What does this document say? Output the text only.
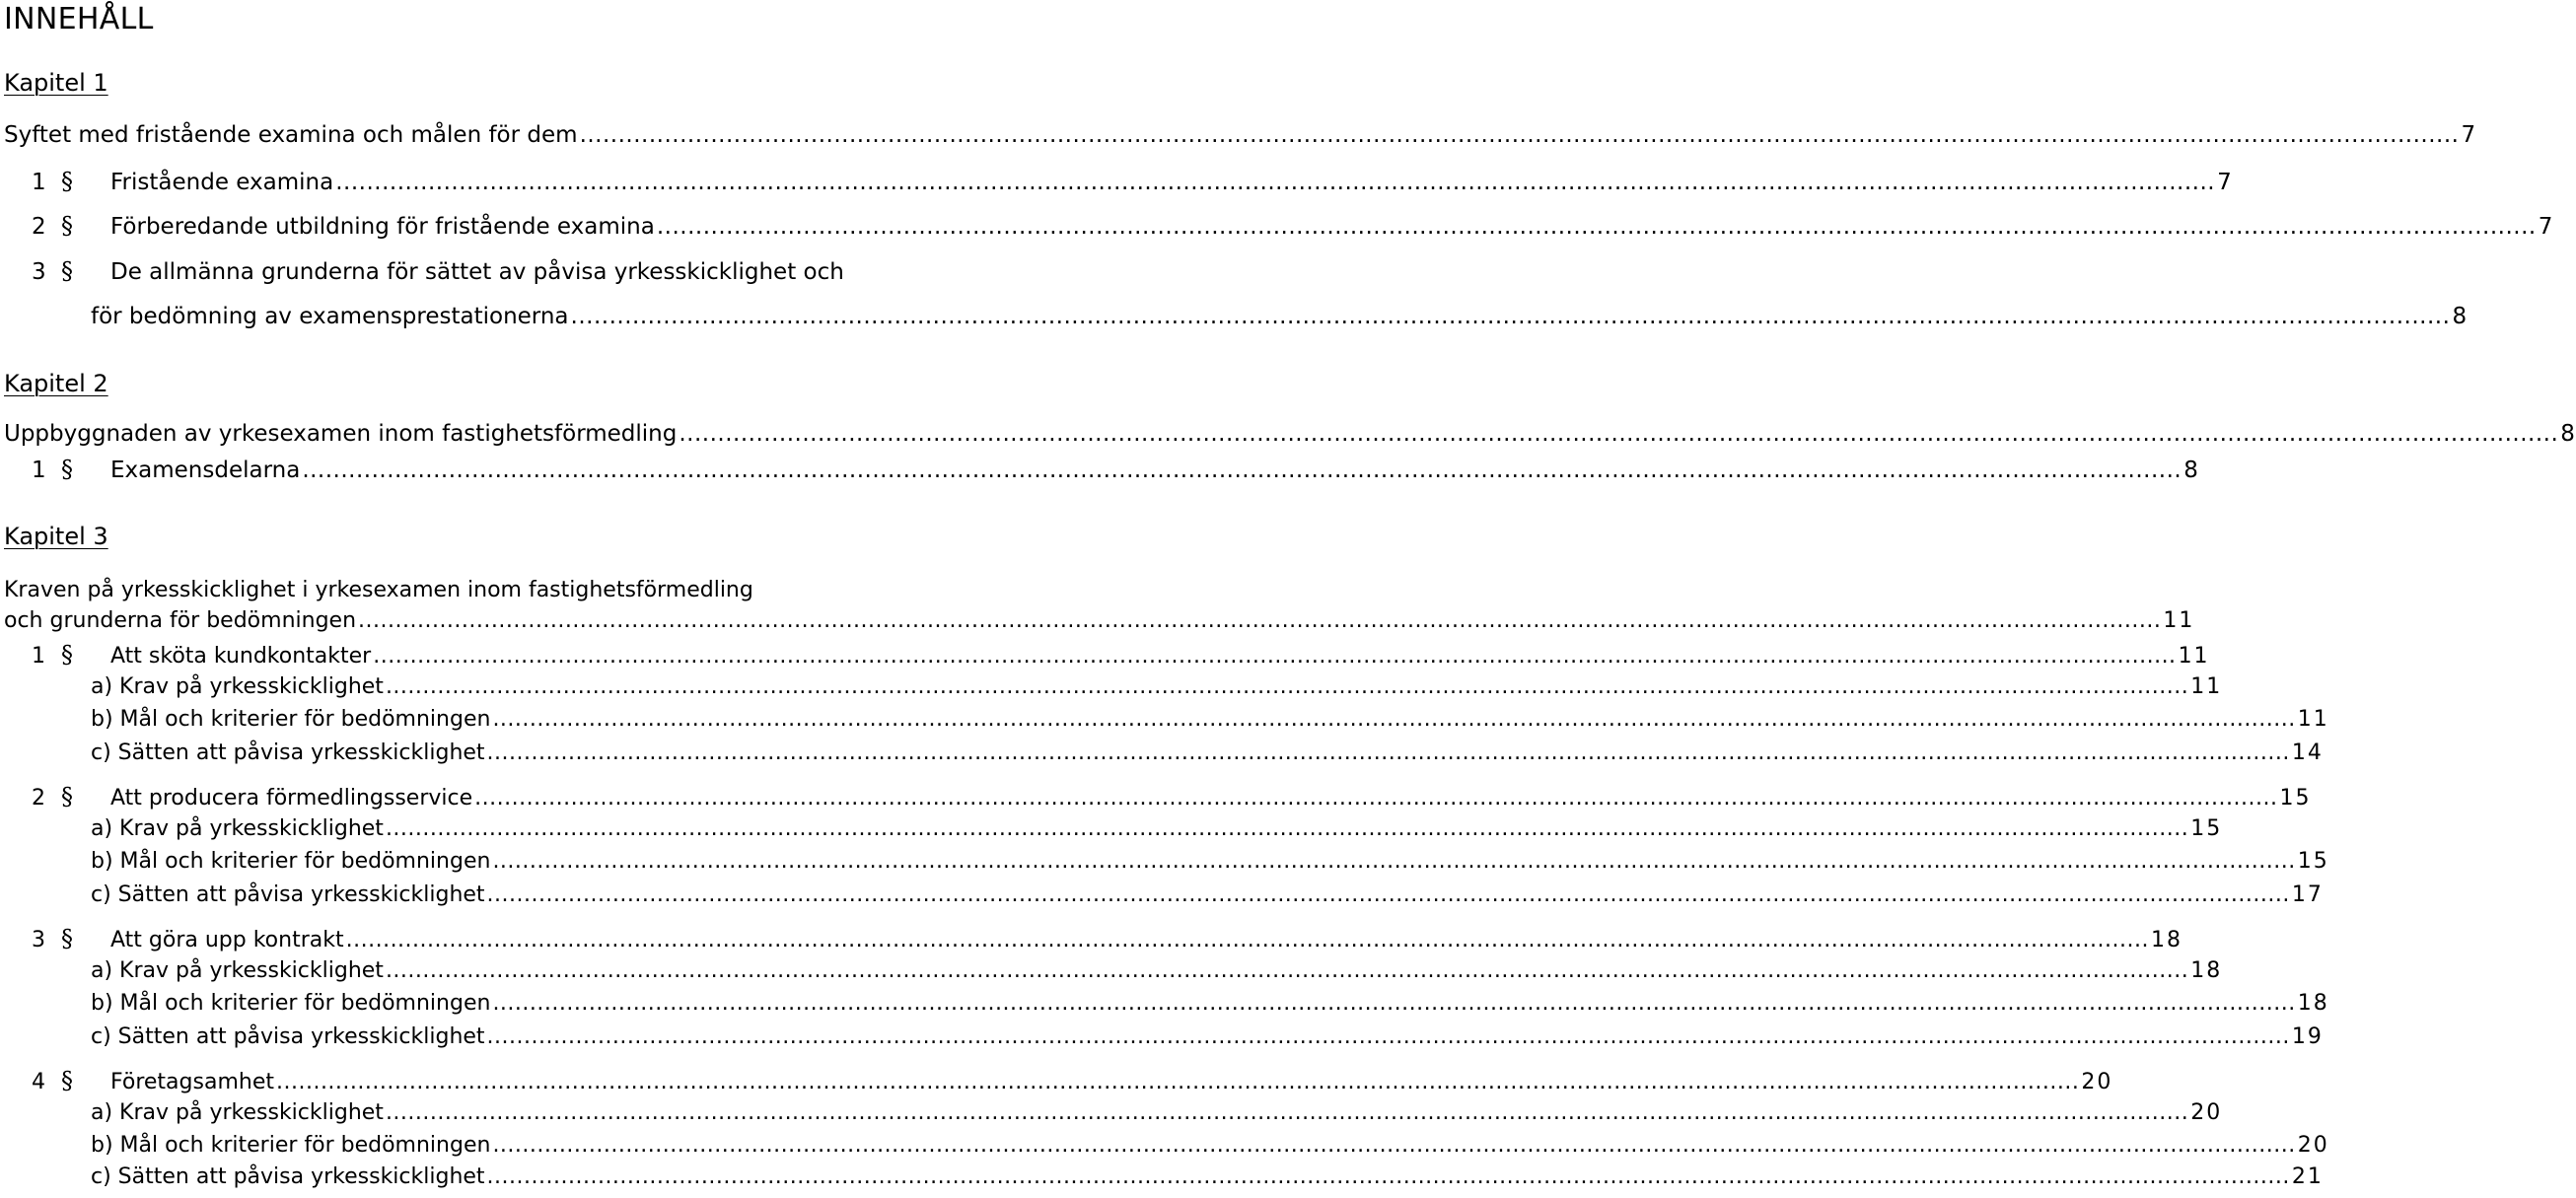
INNEHÅLL
Kapitel 1
Syftet med fristående examina och målen för dem .....	7
1 §	Fristående examina .....	7
2 §	Förberedande utbildning för fristående examina .....	7
3 §	De allmänna grunderna för sättet av påvisa yrkesskicklighet och
för bedömning av examensprestationerna .....	8
Kapitel 2
Uppbyggnaden av yrkesexamen inom fastighetsförmedling .....	8
1 §	Examensdelarna .....	8
Kapitel 3
Kraven på yrkesskicklighet i yrkesexamen inom fastighetsförmedling
och grunderna för bedömningen .....	11
1 §	Att sköta kundkontakter .....	11
a) Krav på yrkesskicklighet .....	11
b) Mål och kriterier för bedömningen .....	11
c) Sätten att påvisa yrkesskicklighet .....	14
2 §	Att producera förmedlingsservice .....	15
a) Krav på yrkesskicklighet .....	15
b) Mål och kriterier för bedömningen .....	15
c) Sätten att påvisa yrkesskicklighet .....	17
3 §	Att göra upp kontrakt .....	18
a) Krav på yrkesskicklighet .....	18
b) Mål och kriterier för bedömningen .....	18
c) Sätten att påvisa yrkesskicklighet .....	19
4 §	Företagsamhet .....	20
a) Krav på yrkesskicklighet .....	20
b) Mål och kriterier för bedömningen .....	20
c) Sätten att påvisa yrkesskicklighet .....	21
